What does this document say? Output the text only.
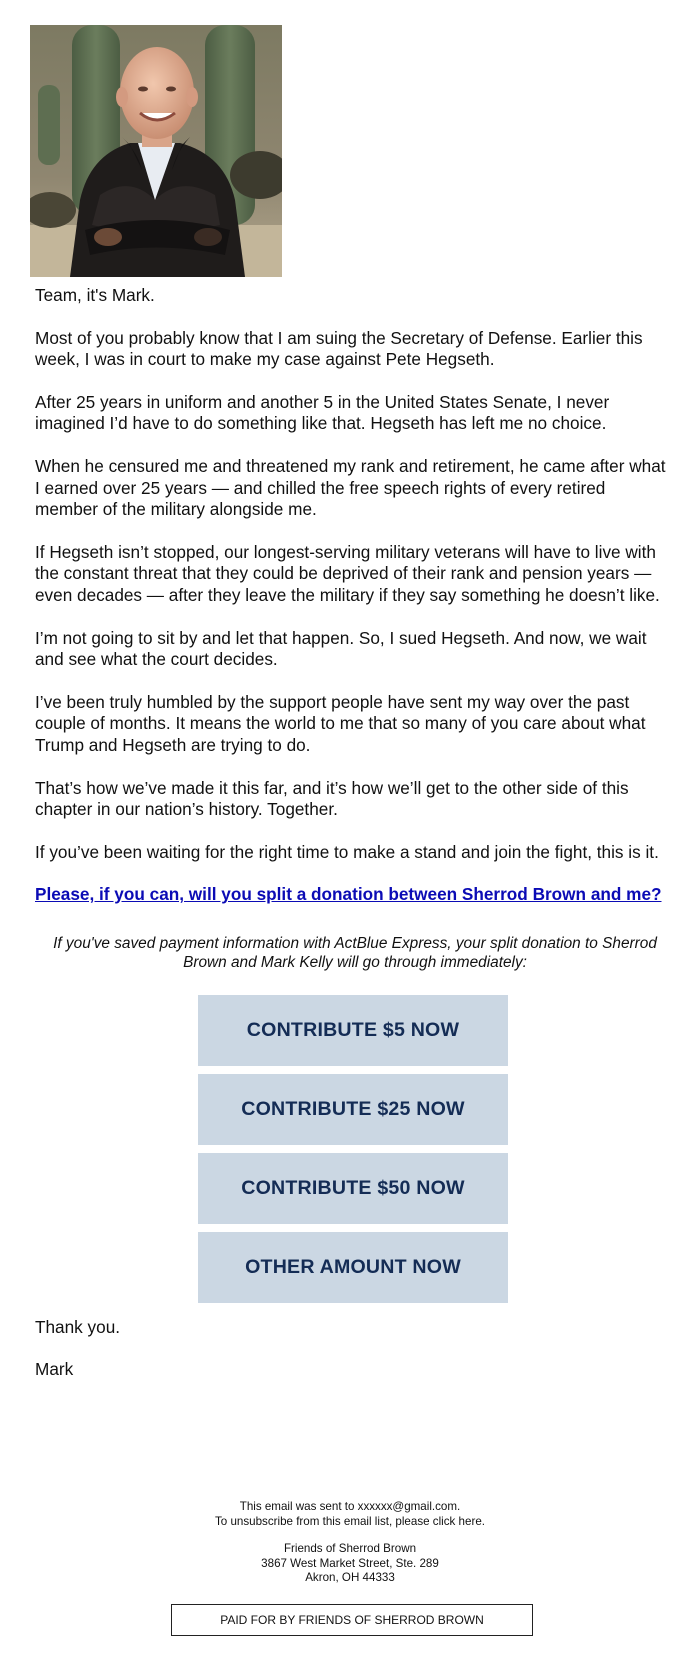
Team, it's Mark.

Most of you probably know that I am suing the Secretary of Defense. Earlier this week, I was in court to make my case against Pete Hegseth.

After 25 years in uniform and another 5 in the United States Senate, I never imagined I’d have to do something like that. Hegseth has left me no choice.

When he censured me and threatened my rank and retirement, he came after what I earned over 25 years — and chilled the free speech rights of every retired member of the military alongside me.

If Hegseth isn’t stopped, our longest-serving military veterans will have to live with the constant threat that they could be deprived of their rank and pension years — even decades — after they leave the military if they say something he doesn’t like.

I’m not going to sit by and let that happen. So, I sued Hegseth. And now, we wait and see what the court decides.

I’ve been truly humbled by the support people have sent my way over the past couple of months. It means the world to me that so many of you care about what Trump and Hegseth are trying to do.

That’s how we’ve made it this far, and it’s how we’ll get to the other side of this chapter in our nation’s history. Together.

If you’ve been waiting for the right time to make a stand and join the fight, this is it.

Please, if you can, will you split a donation between Sherrod Brown and me?
If you've saved payment information with ActBlue Express, your split donation to Sherrod Brown and Mark Kelly will go through immediately:
CONTRIBUTE $5 NOW
CONTRIBUTE $25 NOW
CONTRIBUTE $50 NOW
OTHER AMOUNT NOW

Thank you.

Mark

This email was sent to xxxxxx@gmail.com.

To unsubscribe from this email list, please click here.

Friends of Sherrod Brown

3867 West Market Street, Ste. 289

Akron, OH 44333

PAID FOR BY FRIENDS OF SHERROD BROWN
